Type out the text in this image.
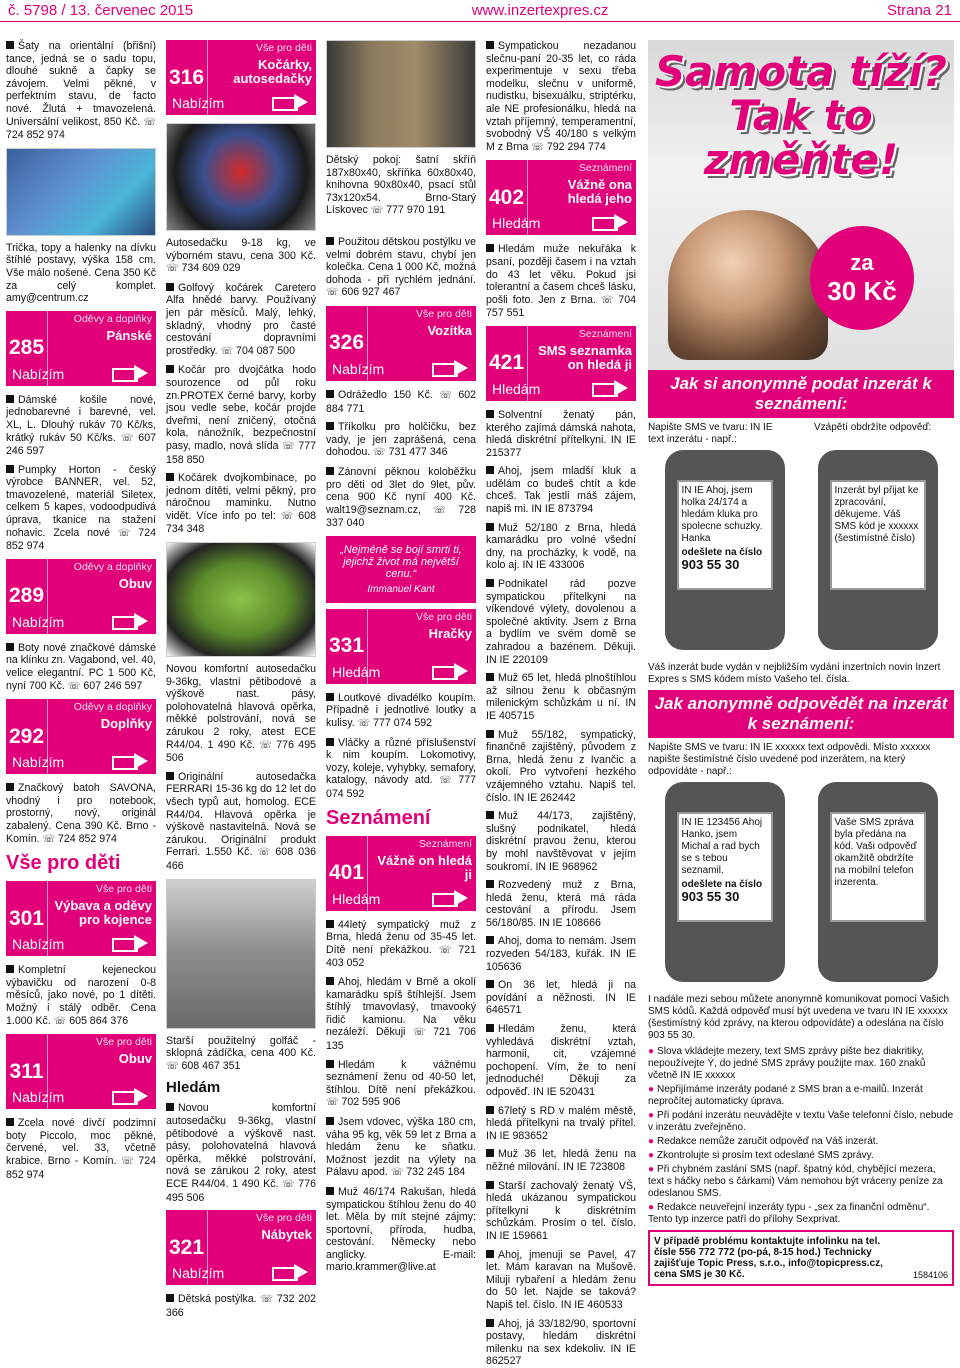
č. 5798 / 13. červenec 2015	www.inzertexpres.cz	Strana 21
Šaty na orientální (břišní) tance, jedná se o sadu topu, dlouhé sukně a čapky se závojem. Velmi pěkné, v perfektním stavu, de facto nové. Žlutá + tmavozelená. Universální velikost, 850 Kč. ☏ 724 852 974
Trička, topy a halenky na dívku štíhlé postavy, výška 158 cm. Vše málo nošené. Cena 350 Kč za celý komplet. amy@centrum.cz
285
Oděvy a doplňky
Pánské
Nabízím
Dámské košile nové, jednobarevné i barevné, vel. XL, L. Dlouhý rukáv 70 Kč/ks, krátký rukáv 50 Kč/ks. ☏ 607 246 597
Pumpky Horton - český výrobce BANNER, vel. 52, tmavozelené, materiál Siletex, celkem 5 kapes, vodoodpudivá úprava, tkanice na stažení nohavic. Zcela nové ☏ 724 852 974
289
Oděvy a doplňky
Obuv
Nabízím
Boty nové značkové dámské na klínku zn. Vagabond, vel. 40, velice elegantní. PC 1 500 Kč, nyní 700 Kč. ☏ 607 246 597
292
Oděvy a doplňky
Doplňky
Nabízím
Značkový batoh SAVONA, vhodný i pro notebook, prostorný, nový, originál zabalený. Cena 390 Kč. Brno - Komín. ☏ 724 852 974
Vše pro děti
301
Vše pro děti
Výbava a oděvy pro kojence
Nabízím
Kompletní kejeneckou výbavičku od narození 0-8 měsíců, jako nové, po 1 dítěti. Možný i stálý odběr. Cena 1.000 Kč. ☏ 605 864 376
311
Vše pro děti
Obuv
Nabízím
Zcela nové dívčí podzimní boty Piccolo, moc pěkné, červené, vel. 33, včetně krabice. Brno - Komín. ☏ 724 852 974
316
Vše pro děti
Kočárky, autosedačky
Nabízím
Autosedačku 9-18 kg, ve výborném stavu, cena 300 Kč. ☏ 734 609 029
Golfový kočárek Caretero Alfa hnědé barvy. Používaný jen pár měsíců. Malý, lehký, skladný, vhodný pro časté cestování dopravními prostředky. ☏ 704 087 500
Kočár pro dvojčátka hodo sourozence od půl roku zn.PROTEX černé barvy, korby jsou vedle sebe, kočár projde dveřmi, není zničený, otočná kola, nánožník, bezpečnostní pasy, madlo, nová slída ☏ 777 158 850
Kočárek dvojkombinace, po jednom dítěti, velmi pěkný, pro náročnou maminku. Nutno vidět. Více info po tel: ☏ 608 734 348
Novou komfortní autosedačku 9-36kg, vlastní pětibodové a výškově nast. pásy, polohovatelná hlavová opěrka, měkké polstrování, nová se zárukou 2 roky, atest ECE R44/04. 1 490 Kč. ☏ 776 495 506
Originální autosedačka FERRARI 15-36 kg do 12 let do všech typů aut, homolog. ECE R44/04. Hlavová opěrka je výškově nastavitelná. Nová se zárukou. Originální produkt Ferrari. 1.550 Kč. ☏ 608 036 466
Starší použitelný golfáč - sklopná zádíčka, cena 400 Kč. ☏ 608 467 351
Hledám
Novou komfortní autosedačku 9-36kg, vlastní pětibodové a výškově nast. pásy, polohovatelná hlavová opěrka, měkké polstrování, nová se zárukou 2 roky, atest ECE R44/04. 1 490 Kč. ☏ 776 495 506
321
Vše pro děti
Nábytek
Nabízím
Dětská postýlka. ☏ 732 202 366
Dětský pokoj: šatní skříň 187x80x40, skříňka 60x80x40, knihovna 90x80x40, psací stůl 73x120x54. Brno-Starý Lískovec ☏ 777 970 191
Použitou dětskou postýlku ve velmi dobrém stavu, chybí jen kolečka. Cena 1 000 Kč, možná dohoda - při rychlém jednání. ☏ 606 927 467
326
Vše pro děti
Vozítka
Nabízím
Odrážedlo 150 Kč. ☏ 602 884 771
Tříkolku pro holčičku, bez vady, je jen zaprášená, cena dohodou. ☏ 731 477 346
Zánovní pěknou koloběžku pro děti od 3let do 9let, pův. cena 900 Kč nyní 400 Kč. walt19@seznam.cz, ☏ 728 337 040
„Nejméně se bojí smrti ti, jejichž život má největší cenu.“
Immanuel Kant
331
Vše pro děti
Hračky
Hledám
Loutkové divadélko koupím. Případně i jednotlivé loutky a kulisy. ☏ 777 074 592
Vláčky a různé příslušenství k nim koupím. Lokomotivy, vozy, koleje, vyhybky, semafory, katalogy, návody atd. ☏ 777 074 592
Seznámení
401
Seznámení
Vážně on hledá ji
Hledám
44letý sympatický muž z Brna, hledá ženu od 35-45 let. Dítě není překážkou. ☏ 721 403 052
Ahoj, hledám v Brně a okolí kamarádku spíš štíhlejší. Jsem štíhlý tmavovlasý, tmavooký řidič kamionu. Na věku nezáleží. Děkuji ☏ 721 706 135
Hledám k vážnému seznámení ženu od 40-50 let, štíhlou. Dítě není překážkou. ☏ 702 595 906
Jsem vdovec, výška 180 cm, váha 95 kg, věk 59 let z Brna a hledám ženu ke sňatku. Možnost jezdit na výlety na Pálavu apod. ☏ 732 245 184
Muž 46/174 Rakušan, hledá sympatickou štíhlou ženu do 40 let. Měla by mít stejné zájmy: sportovní, příroda, hudba, cestování. Německy nebo anglicky. E-mail: mario.krammer@live.at
Sympatickou nezadanou slečnu-paní 20-35 let, co ráda experimentuje v sexu třeba modelku, slečnu v uniformě, nudistku, bisexuálku, striptérku, ale NE profesionálku, hledá na vztah příjemný, temperamentní, svobodný VŠ 40/180 s velkým M z Brna ☏ 792 294 774
402
Seznámení
Vážně ona hledá jeho
Hledám
Hledám muže nekuřáka k psaní, později časem i na vztah do 43 let věku. Pokud jsi tolerantní a časem chceš lásku, pošli foto. Jen z Brna. ☏ 704 757 551
421
Seznámení
SMS seznamka on hledá ji
Hledám
Solventní ženatý pán, kterého zajímá dámská nahota, hledá diskrétní přítelkyni. IN IE 215377
Ahoj, jsem mladší kluk a udělám co budeš chtít a kde chceš. Tak jestli máš zájem, napiš mi. IN IE 873794
Muž 52/180 z Brna, hledá kamarádku pro volné všední dny, na procházky, k vodě, na kolo aj. IN IE 433006
Podnikatel rád pozve sympatickou přítelkyni na víkendové výlety, dovolenou a společné aktivity. Jsem z Brna a bydlím ve svém domě se zahradou a bazénem. Děkuji. IN IE 220109
Muž 65 let, hledá plnoštíhlou až silnou ženu k občasným milenickým schůzkám u ní. IN IE 405715
Muž 55/182, sympatický, finančně zajištěný, původem z Brna, hledá ženu z Ivančic a okolí. Pro vytvoření hezkého vzájemného vztahu. Napiš tel. číslo. IN IE 262442
Muž 44/173, zajištěný, slušný podnikatel, hledá diskrétní pravou ženu, kterou by mohl navštěvovat v jejím soukromí. IN IE 968962
Rozvedený muž z Brna, hledá ženu, která má ráda cestování a přírodu. Jsem 56/180/85. IN IE 108666
Ahoj, doma to nemám. Jsem rozveden 54/183, kuřák. IN IE 105636
On 36 let, hledá ji na povídání a něžnosti. IN IE 646571
Hledám ženu, která vyhledává diskrétní vztah, harmonii, cit, vzájemné pochopení. Vím, že to není jednoduché! Děkuji za odpověď. IN IE 520431
67letý s RD v malém městě, hledá přítelkyni na trvalý přítel. IN IE 983652
Muž 36 let, hledá ženu na něžné milování. IN IE 723808
Starší zachovalý ženatý VŠ, hledá ukázanou sympatickou přítelkyni k diskrétním schůzkám. Prosím o tel. číslo. IN IE 159661
Ahoj, jmenuji se Pavel, 47 let. Mám karavan na Mušově. Miluji rybaření a hledám ženu do 50 let. Najde se taková? Napiš tel. číslo. IN IE 460533
Ahoj, já 33/182/90, sportovní postavy, hledám diskrétní milenku na sex kdekoliv. IN IE 862527
Samota tíží?
Tak to změňte!
za
30 Kč
Jak si anonymně podat inzerát k seznámení:
Napište SMS ve tvaru: IN IE text inzerátu - např.:
Vzápětí obdržíte odpověď:
IN IE Ahoj, jsem holka 24/174 a hledám kluka pro spolecne schuzky. Hanka
odešlete na číslo
903 55 30
Inzerát byl přijat ke zpracování, děkujeme. Váš SMS kód je xxxxxx (šestimístné číslo)
Váš inzerát bude vydán v nejbližším vydání inzertních novin Inzert Expres s SMS kódem místo Vašeho tel. čísla.
Jak anonymně odpovědět na inzerát k seznámení:
Napište SMS ve tvaru: IN IE xxxxxx text odpovědi. Místo xxxxxx napište šestimístné číslo uvedené pod inzerátem, na který odpovídáte - např.:
IN IE 123456 Ahoj Hanko, jsem Michal a rad bych se s tebou seznamil.
odešlete na číslo
903 55 30
Vaše SMS zpráva byla předána na kód. Vaši odpověď okamžitě obdržíte na mobilní telefon inzerenta.
I nadále mezi sebou můžete anonymně komunikovat pomocí Vašich SMS kódů. Každá odpověď musí být uvedena ve tvaru IN IE xxxxxx (šestimístný kód zprávy, na kterou odpovídáte) a odeslána na číslo 903 55 30.
● Slova vkládejte mezery, text SMS zprávy pište bez diakritiky, nepoužívejte Ý, do jedné SMS zprávy použijte max. 160 znaků včetně IN IE xxxxxx
● Nepřijímáme inzeráty podané z SMS bran a e-mailů. Inzerát nepročítej automaticky úprava.
● Při podání inzerátu neuvádějte v textu Vaše telefonní číslo, nebude v inzerátu zveřejněno.
● Redakce nemůže zaručit odpověď na Váš inzerát.
● Zkontrolujte si prosím text odeslané SMS zprávy.
● Při chybném zaslání SMS (např. špatný kód, chybějící mezera, text s háčky nebo s čárkami) Vám nemohou být vráceny peníze za odeslanou SMS.
● Redakce neuveřejní inzeráty typu - „sex za finanční odměnu“. Tento typ inzerce patří do přílohy Sexprivat.
V případě problému kontaktujte infolinku na tel. čísle 556 772 772 (po-pá, 8-15 hod.) Technicky zajišťuje Topic Press, s.r.o., info@topicpress.cz, cena SMS je 30 Kč.	1584106
